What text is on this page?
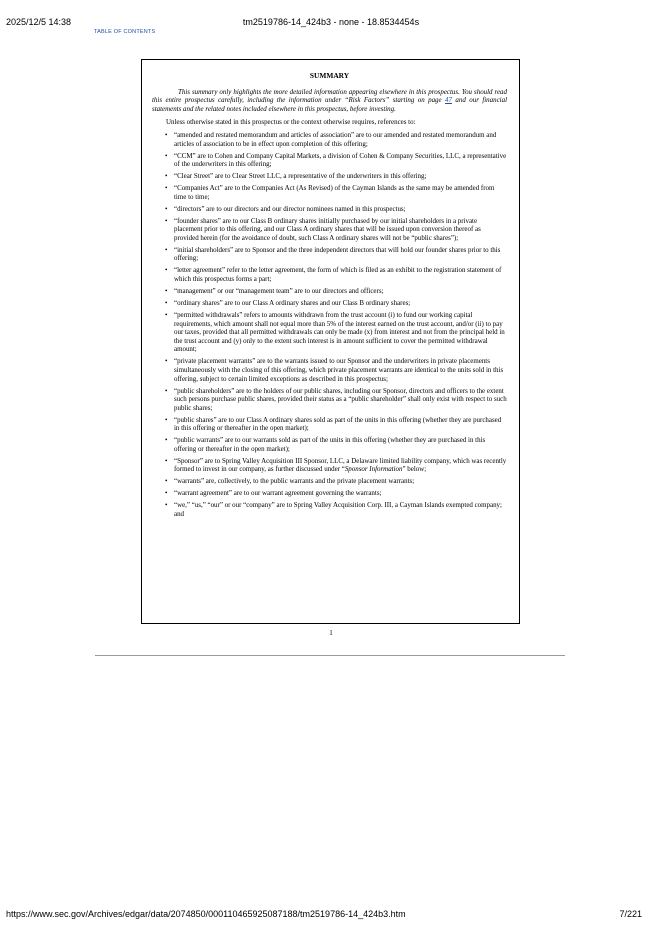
2025/12/5 14:38	tm2519786-14_424b3 - none - 18.8534454s
TABLE OF CONTENTS

SUMMARY

This summary only highlights the more detailed information appearing elsewhere in this prospectus. You should read this entire prospectus carefully, including the information under “Risk Factors” starting on page 47 and our financial statements and the related notes included elsewhere in this prospectus, before investing.

Unless otherwise stated in this prospectus or the context otherwise requires, references to:

• “amended and restated memorandum and articles of association” are to our amended and restated memorandum and articles of association to be in effect upon completion of this offering;
• “CCM” are to Cohen and Company Capital Markets, a division of Cohen & Company Securities, LLC, a representative of the underwriters in this offering;
• “Clear Street” are to Clear Street LLC, a representative of the underwriters in this offering;
• “Companies Act” are to the Companies Act (As Revised) of the Cayman Islands as the same may be amended from time to time;
• “directors” are to our directors and our director nominees named in this prospectus;
• “founder shares” are to our Class B ordinary shares initially purchased by our initial shareholders in a private placement prior to this offering, and our Class A ordinary shares that will be issued upon conversion thereof as provided herein (for the avoidance of doubt, such Class A ordinary shares will not be “public shares”);
• “initial shareholders” are to Sponsor and the three independent directors that will hold our founder shares prior to this offering;
• “letter agreement” refer to the letter agreement, the form of which is filed as an exhibit to the registration statement of which this prospectus forms a part;
• “management” or our “management team” are to our directors and officers;
• “ordinary shares” are to our Class A ordinary shares and our Class B ordinary shares;
• “permitted withdrawals” refers to amounts withdrawn from the trust account (i) to fund our working capital requirements, which amount shall not equal more than 5% of the interest earned on the trust account, and/or (ii) to pay our taxes, provided that all permitted withdrawals can only be made (x) from interest and not from the principal held in the trust account and (y) only to the extent such interest is in amount sufficient to cover the permitted withdrawal amount;
• “private placement warrants” are to the warrants issued to our Sponsor and the underwriters in private placements simultaneously with the closing of this offering, which private placement warrants are identical to the units sold in this offering, subject to certain limited exceptions as described in this prospectus;
• “public shareholders” are to the holders of our public shares, including our Sponsor, directors and officers to the extent such persons purchase public shares, provided their status as a “public shareholder” shall only exist with respect to such public shares;
• “public shares” are to our Class A ordinary shares sold as part of the units in this offering (whether they are purchased in this offering or thereafter in the open market);
• “public warrants” are to our warrants sold as part of the units in this offering (whether they are purchased in this offering or thereafter in the open market);
• “Sponsor” are to Spring Valley Acquisition III Sponsor, LLC, a Delaware limited liability company, which was recently formed to invest in our company, as further discussed under “Sponsor Information” below;
• “warrants” are, collectively, to the public warrants and the private placement warrants;
• “warrant agreement” are to our warrant agreement governing the warrants;
• “we,” “us,” “our” or our “company” are to Spring Valley Acquisition Corp. III, a Cayman Islands exempted company; and
1
https://www.sec.gov/Archives/edgar/data/2074850/000110465925087188/tm2519786-14_424b3.htm	7/221
